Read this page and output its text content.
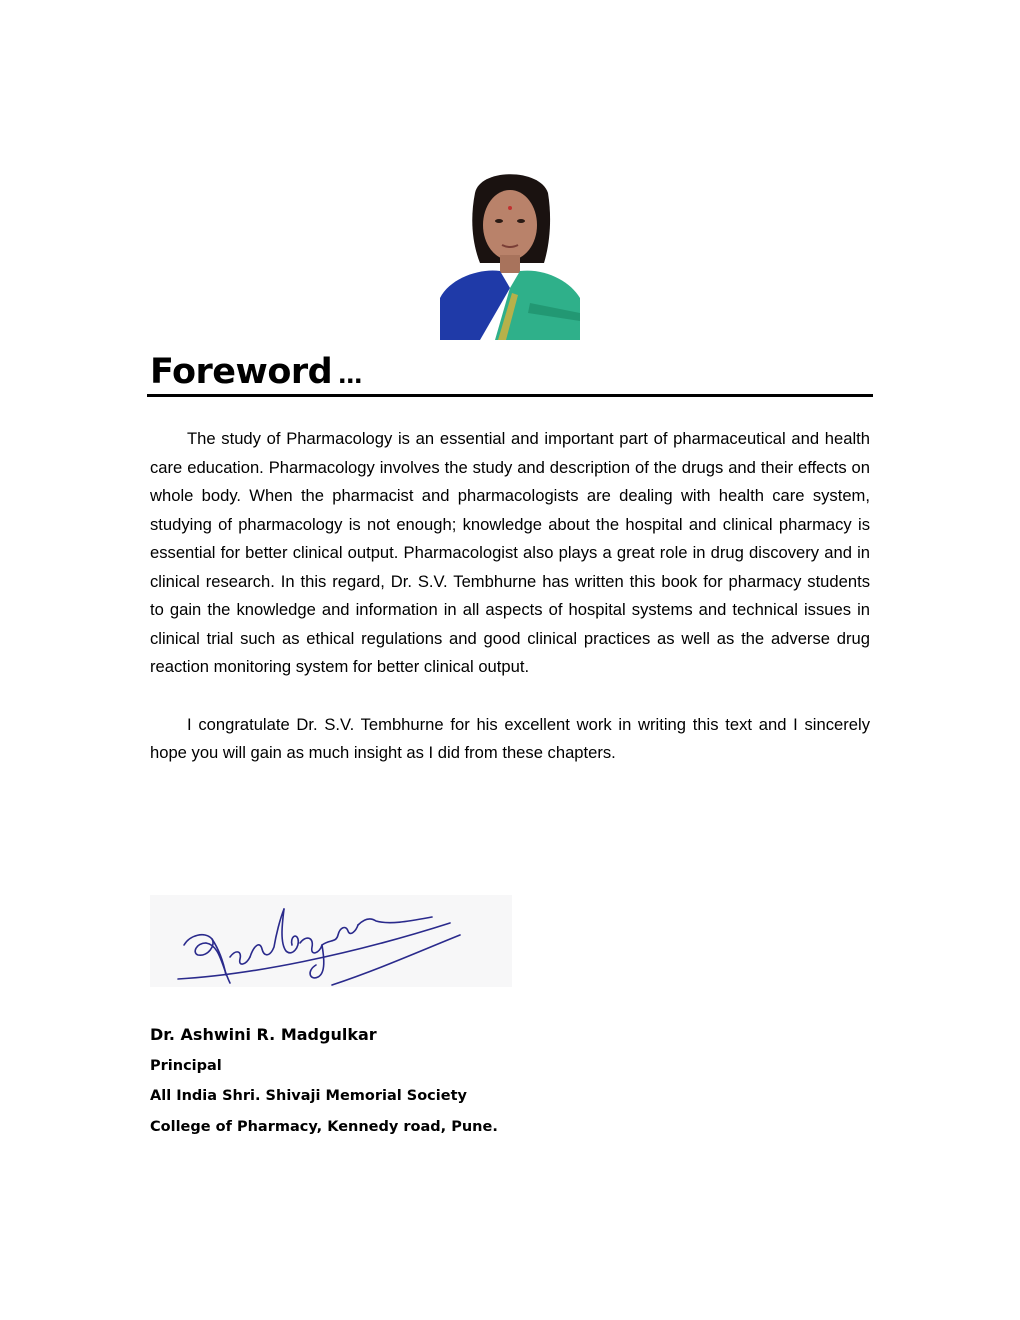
Foreword …

The study of Pharmacology is an essential and important part of pharmaceutical and health care education. Pharmacology involves the study and description of the drugs and their effects on whole body. When the pharmacist and pharmacologists are dealing with health care system, studying of pharmacology is not enough; knowledge about the hospital and clinical pharmacy is essential for better clinical output. Pharmacologist also plays a great role in drug discovery and in clinical research. In this regard, Dr. S.V. Tembhurne has written this book for pharmacy students to gain the knowledge and information in all aspects of hospital systems and technical issues in clinical trial such as ethical regulations and good clinical practices as well as the adverse drug reaction monitoring system for better clinical output.

I congratulate Dr. S.V. Tembhurne for his excellent work in writing this text and I sincerely hope you will gain as much insight as I did from these chapters.

Dr. Ashwini R. Madgulkar
Principal
All India Shri. Shivaji Memorial Society
College of Pharmacy, Kennedy road, Pune.
